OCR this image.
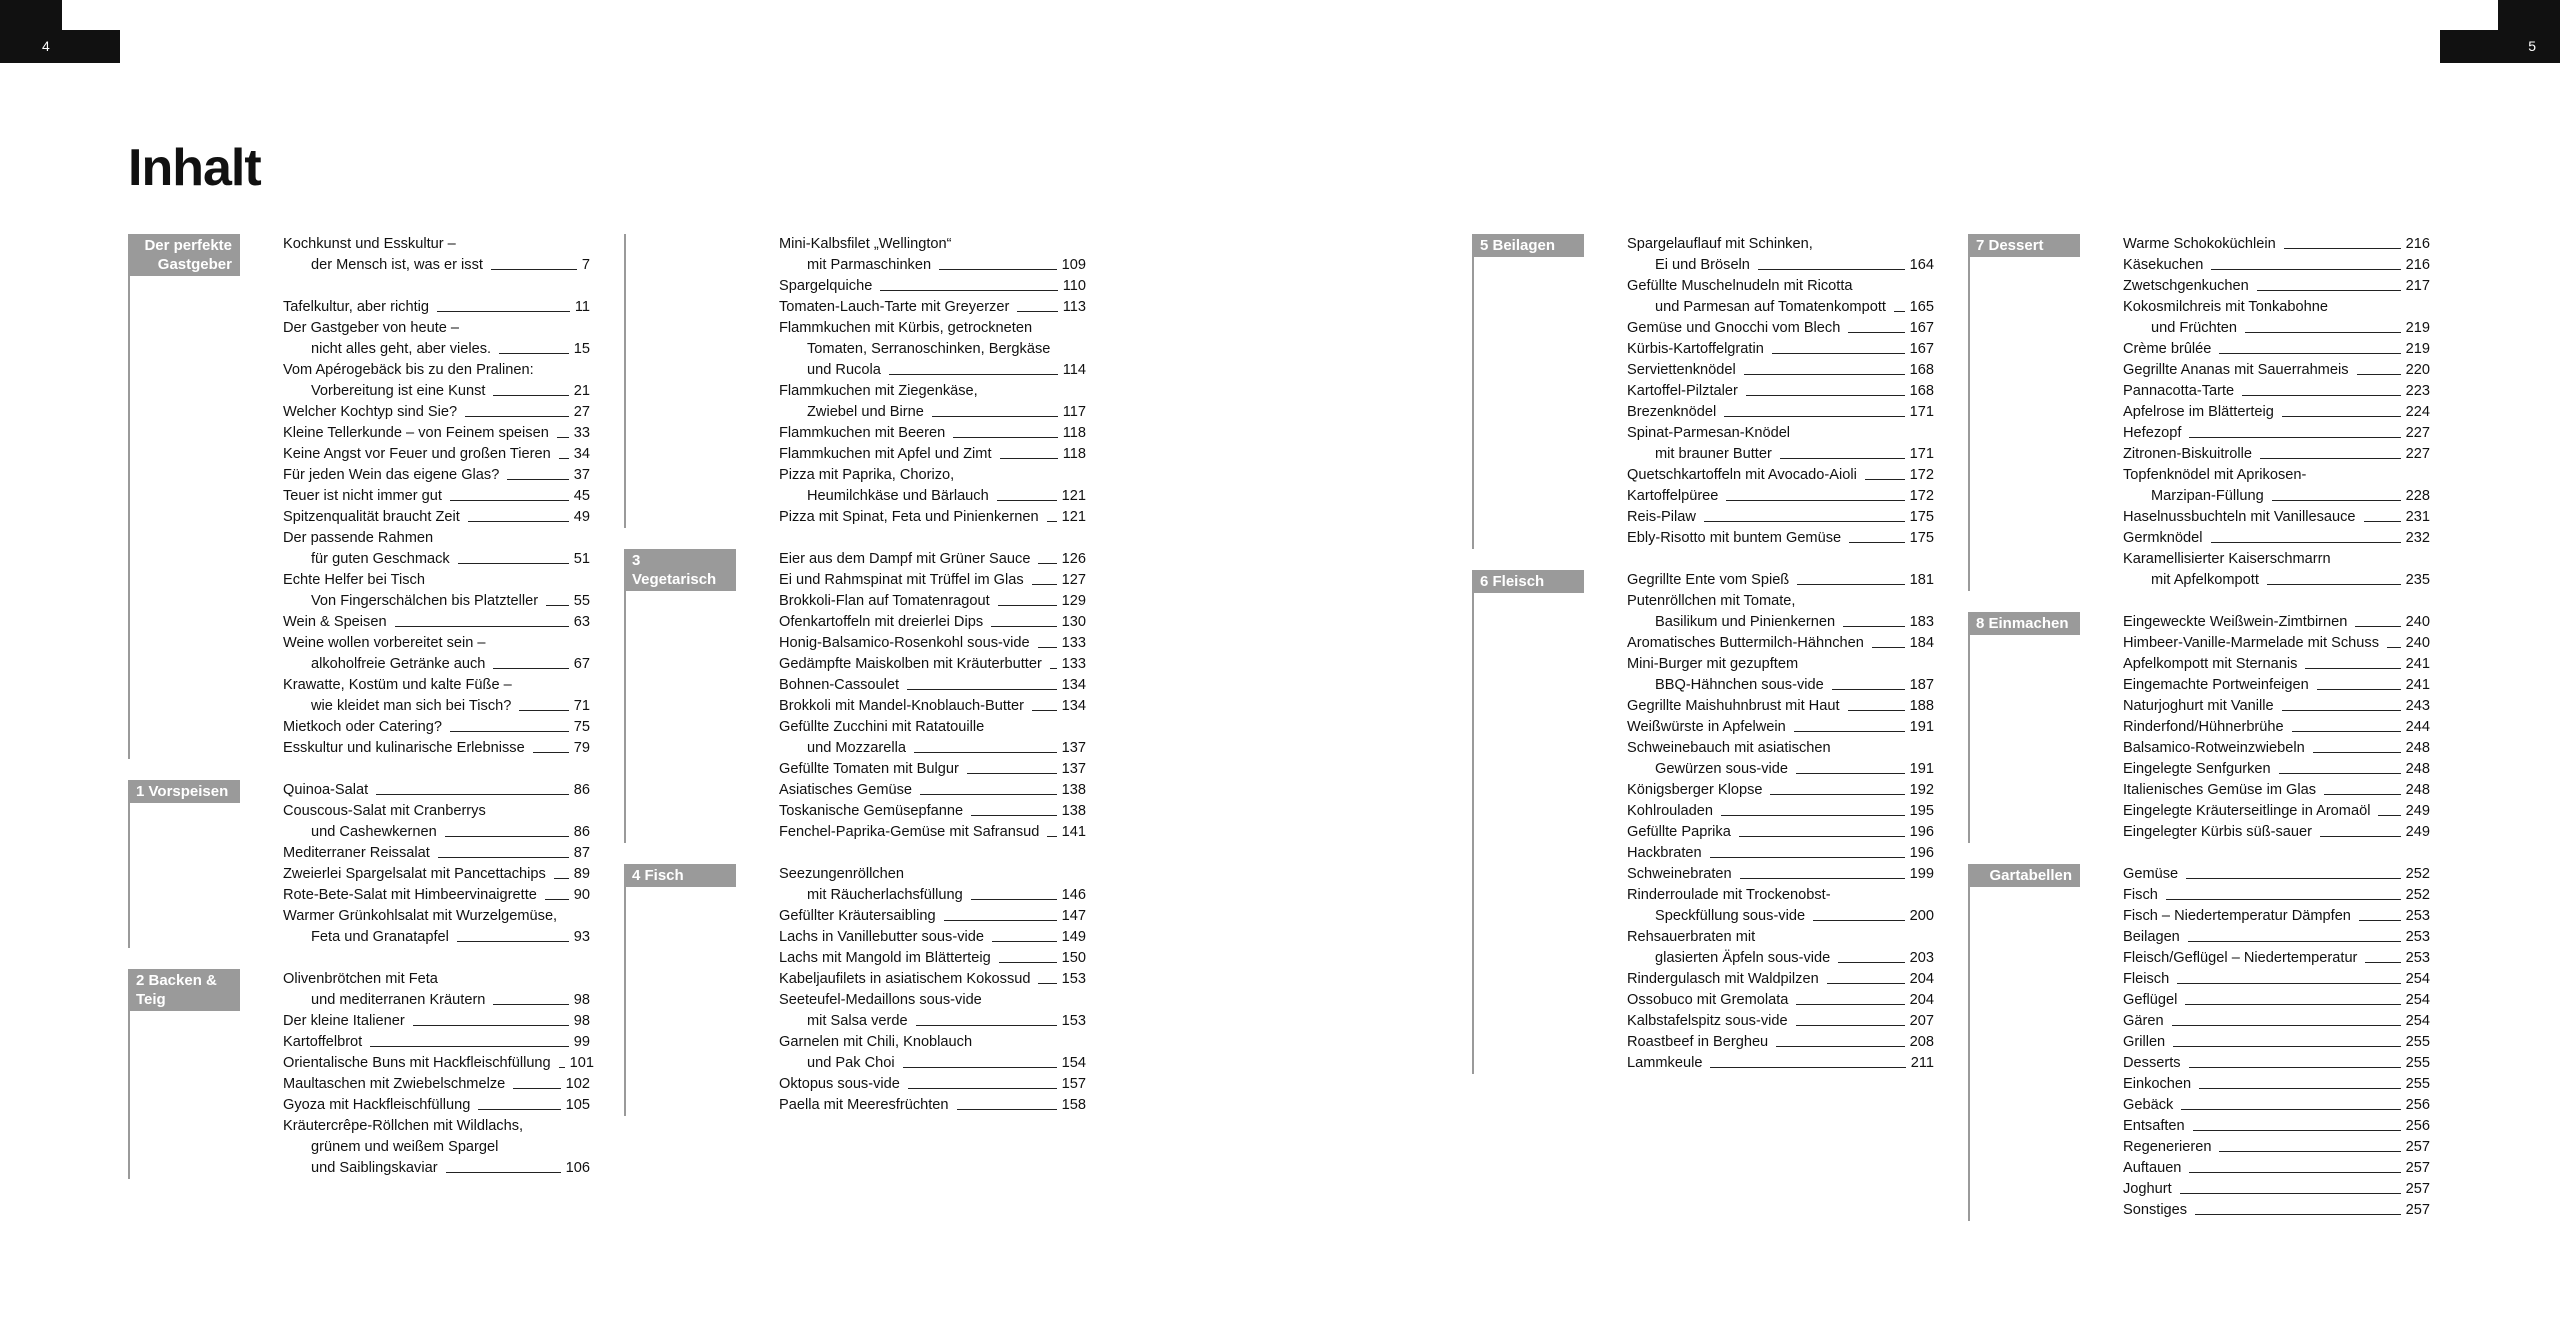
4	5
Inhalt
Der perfekte Gastgeber
Kochkunst und Esskultur –
der Mensch ist, was er isst	7
Tafelkultur, aber richtig	11
Der Gastgeber von heute –
nicht alles geht, aber vieles.	15
Vom Apérogebäck bis zu den Pralinen:
Vorbereitung ist eine Kunst	21
Welcher Kochtyp sind Sie?	27
Kleine Tellerkunde – von Feinem speisen 33
Keine Angst vor Feuer und großen Tieren 34
Für jeden Wein das eigene Glas?	37
Teuer ist nicht immer gut	45
Spitzenqualität braucht Zeit	49
Der passende Rahmen
für guten Geschmack	51
Echte Helfer bei Tisch
Von Fingerschälchen bis Platzteller 55
Wein & Speisen	63
Weine wollen vorbereitet sein –
alkoholfreie Getränke auch	67
Krawatte, Kostüm und kalte Füße –
wie kleidet man sich bei Tisch?	71
Mietkoch oder Catering?	75
Esskultur und kulinarische Erlebnisse	79
1 Vorspeisen	Quinoa-Salat	86
Couscous-Salat mit Cranberrys
und Cashewkernen	86
Mediterraner Reissalat	87
Zweierlei Spargelsalat mit Pancettachips 89
Rote-Bete-Salat mit Himbeervinaigrette	90
Warmer Grünkohlsalat mit Wurzelgemüse,
Feta und Granatapfel	93
2 Backen & Teig
Olivenbrötchen mit Feta
und mediterranen Kräutern	98
Der kleine Italiener	98
Kartoffelbrot	99
Orientalische Buns mit Hackfleischfüllung 101
Maultaschen mit Zwiebelschmelze	102
Gyoza mit Hackfleischfüllung	105
Kräutercrêpe-Röllchen mit Wildlachs,
grünem und weißem Spargel
und Saiblingskaviar	106
Mini-Kalbsfilet „Wellington“
mit Parmaschinken	109
Spargelquiche	110
Tomaten-Lauch-Tarte mit Greyerzer	113
Flammkuchen mit Kürbis, getrockneten
Tomaten, Serranoschinken, Bergkäse
und Rucola	114
Flammkuchen mit Ziegenkäse,
Zwiebel und Birne	117
Flammkuchen mit Beeren	118
Flammkuchen mit Apfel und Zimt	118
Pizza mit Paprika, Chorizo,
Heumilchkäse und Bärlauch	121
Pizza mit Spinat, Feta und Pinienkernen 121
3 Vegetarisch
Eier aus dem Dampf mit Grüner Sauce 126
Ei und Rahmspinat mit Trüffel im Glas	127
Brokkoli-Flan auf Tomatenragout	129
Ofenkartoffeln mit dreierlei Dips	130
Honig-Balsamico-Rosenkohl sous-vide 133
Gedämpfte Maiskolben mit Kräuterbutter 133
Bohnen-Cassoulet	134
Brokkoli mit Mandel-Knoblauch-Butter	134
Gefüllte Zucchini mit Ratatouille
und Mozzarella	137
Gefüllte Tomaten mit Bulgur	137
Asiatisches Gemüse	138
Toskanische Gemüsepfanne	138
Fenchel-Paprika-Gemüse mit Safransud 141
4 Fisch	Seezungenröllchen
mit Räucherlachsfüllung	146
Gefüllter Kräutersaibling	147
Lachs in Vanillebutter sous-vide	149
Lachs mit Mangold im Blätterteig	150
Kabeljaufilets in asiatischem Kokossud 153
Seeteufel-Medaillons sous-vide
mit Salsa verde	153
Garnelen mit Chili, Knoblauch
und Pak Choi	154
Oktopus sous-vide	157
Paella mit Meeresfrüchten	158
5 Beilagen	Spargelauflauf mit Schinken,
Ei und Bröseln	164
Gefüllte Muschelnudeln mit Ricotta
und Parmesan auf Tomatenkompott 165
Gemüse und Gnocchi vom Blech	167
Kürbis-Kartoffelgratin	167
Serviettenknödel	168
Kartoffel-Pilztaler	168
Brezenknödel	171
Spinat-Parmesan-Knödel
mit brauner Butter	171
Quetschkartoffeln mit Avocado-Aioli	172
Kartoffelpüree	172
Reis-Pilaw	175
Ebly-Risotto mit buntem Gemüse	175
6 Fleisch	Gegrillte Ente vom Spieß	181
Putenröllchen mit Tomate,
Basilikum und Pinienkernen	183
Aromatisches Buttermilch-Hähnchen	184
Mini-Burger mit gezupftem
BBQ-Hähnchen sous-vide	187
Gegrillte Maishuhnbrust mit Haut	188
Weißwürste in Apfelwein	191
Schweinebauch mit asiatischen
Gewürzen sous-vide	191
Königsberger Klopse	192
Kohlrouladen	195
Gefüllte Paprika	196
Hackbraten	196
Schweinebraten	199
Rinderroulade mit Trockenobst-
Speckfüllung sous-vide	200
Rehsauerbraten mit
glasierten Äpfeln sous-vide	203
Rindergulasch mit Waldpilzen	204
Ossobuco mit Gremolata	204
Kalbstafelspitz sous-vide	207
Roastbeef in Bergheu	208
Lammkeule	211
7 Dessert	Warme Schokoküchlein	216
Käsekuchen	216
Zwetschgenkuchen	217
Kokosmilchreis mit Tonkabohne
und Früchten	219
Crème brûlée	219
Gegrillte Ananas mit Sauerrahmeis	220
Pannacotta-Tarte	223
Apfelrose im Blätterteig	224
Hefezopf	227
Zitronen-Biskuitrolle	227
Topfenknödel mit Aprikosen-
Marzipan-Füllung	228
Haselnussbuchteln mit Vanillesauce	231
Germknödel	232
Karamellisierter Kaiserschmarrn
mit Apfelkompott	235
8 Einmachen	Eingeweckte Weißwein-Zimtbirnen	240
Himbeer-Vanille-Marmelade mit Schuss 240
Apfelkompott mit Sternanis	241
Eingemachte Portweinfeigen	241
Naturjoghurt mit Vanille	243
Rinderfond/Hühnerbrühe	244
Balsamico-Rotweinzwiebeln	248
Eingelegte Senfgurken	248
Italienisches Gemüse im Glas	248
Eingelegte Kräuterseitlinge in Aromaöl 249
Eingelegter Kürbis süß-sauer	249
Gartabellen	Gemüse	252
Fisch	252
Fisch – Niedertemperatur Dämpfen	253
Beilagen	253
Fleisch/Geflügel – Niedertemperatur	253
Fleisch	254
Geflügel	254
Gären	254
Grillen	255
Desserts	255
Einkochen	255
Gebäck	256
Entsaften	256
Regenerieren	257
Auftauen	257
Joghurt	257
Sonstiges	257
